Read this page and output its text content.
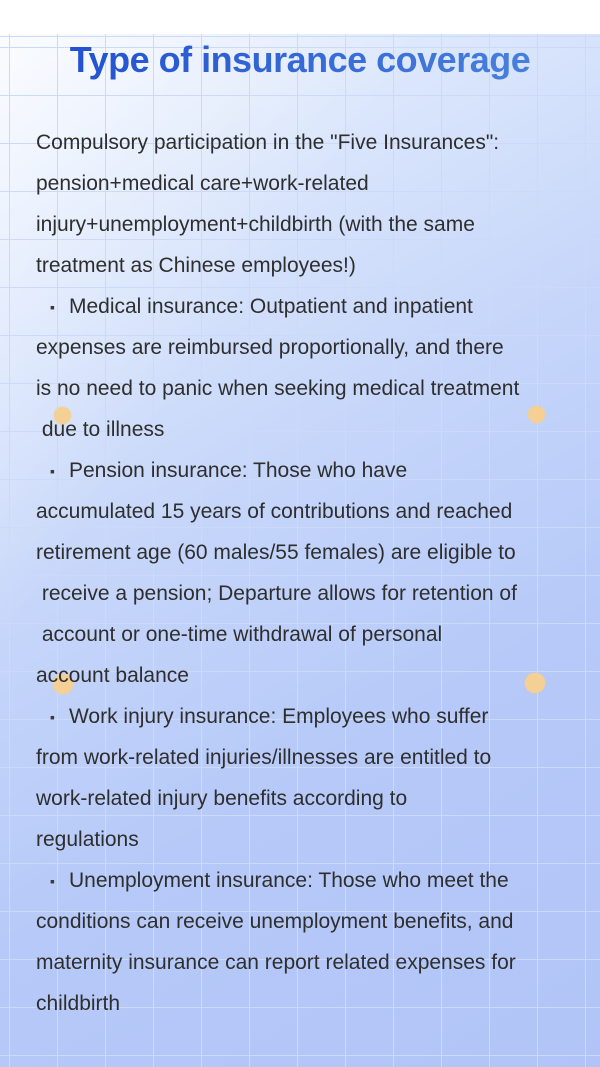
Type of insurance coverage
Compulsory participation in the "Five Insurances":
pension+medical care+work-related
injury+unemployment+childbirth (with the same
treatment as Chinese employees!)
▪ Medical insurance: Outpatient and inpatient
expenses are reimbursed proportionally, and there
is no need to panic when seeking medical treatment
due to illness
▪ Pension insurance: Those who have
accumulated 15 years of contributions and reached
retirement age (60 males/55 females) are eligible to
receive a pension; Departure allows for retention of
account or one-time withdrawal of personal
account balance
▪ Work injury insurance: Employees who suffer
from work-related injuries/illnesses are entitled to
work-related injury benefits according to
regulations
▪ Unemployment insurance: Those who meet the
conditions can receive unemployment benefits, and
maternity insurance can report related expenses for
childbirth
